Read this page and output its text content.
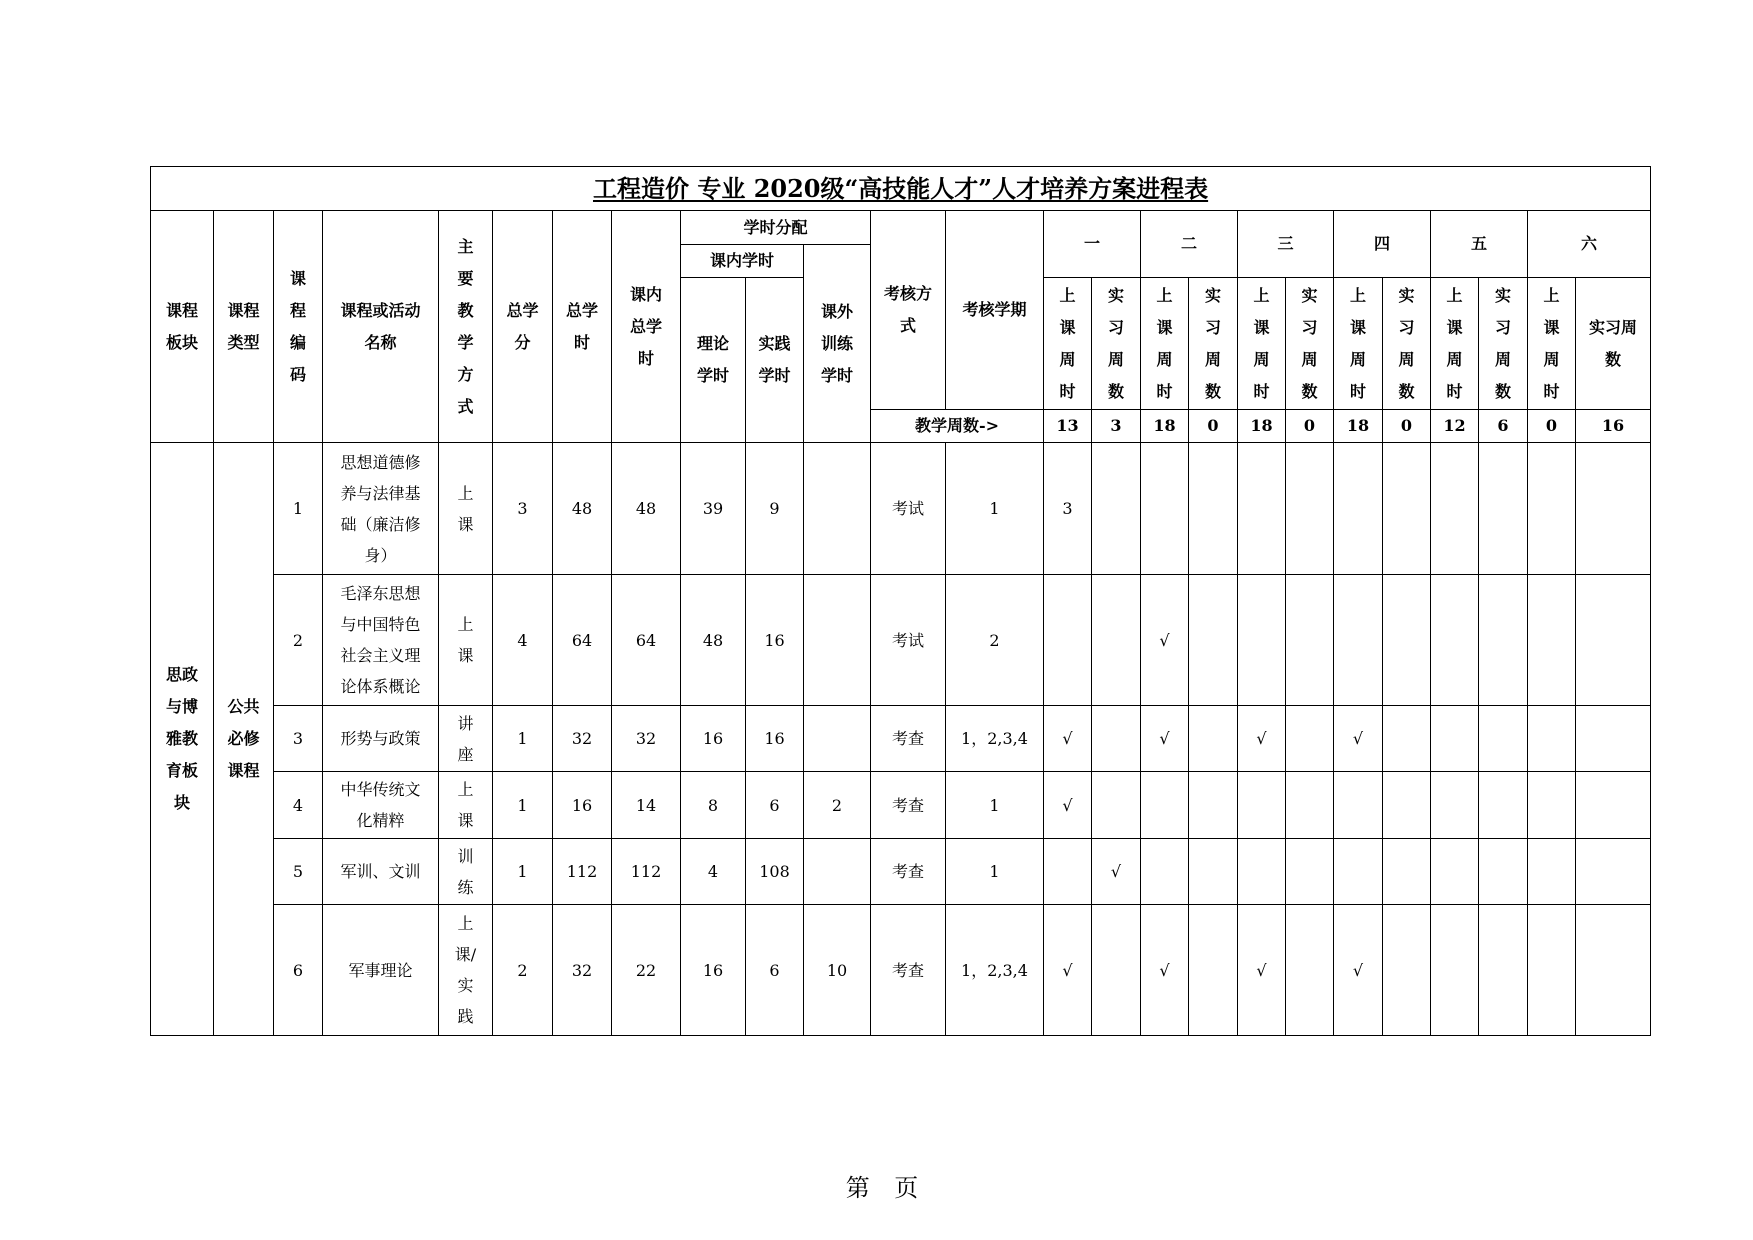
工程造价 专业 2020级“高技能人才”人才培养方案进程表																								

课程板块	课程类型	课程编码	课程或活动名称	主要教学方式	总学分	总学时	课内总学时	学时分配			考核方式	考核学期	一		二		三		四		五		六	
								课内学时		课外训练学时														

								理论学时	实践学时				上课周时	实习周数	上课周时	实习周数	上课周时	实习周数	上课周时	实习周数	上课周时	实习周数	上课周时	实习周数

											教学周数->		13	3	18	0	18	0	18	0	12	6	0	16

思政与博雅教育板块	公共必修课程	1	思想道德修养与法律基础（廉洁修身）	上课	3	48	48	39	9		考试	1	3											
		2	毛泽东思想与中国特色社会主义理论体系概论	上课	4	64	64	48	16		考试	2			√									
		3	形势与政策	讲座	1	32	32	16	16		考查	1，2,3,4	√		√		√		√					
		4	中华传统文化精粹	上课	1	16	14	8	6	2	考查	1	√											
		5	军训、文训	训练	1	112	112	4	108		考查	1		√										
		6	军事理论	上课/实践	2	32	22	16	6	10	考查	1，2,3,4	√		√		√		√					
第 页
